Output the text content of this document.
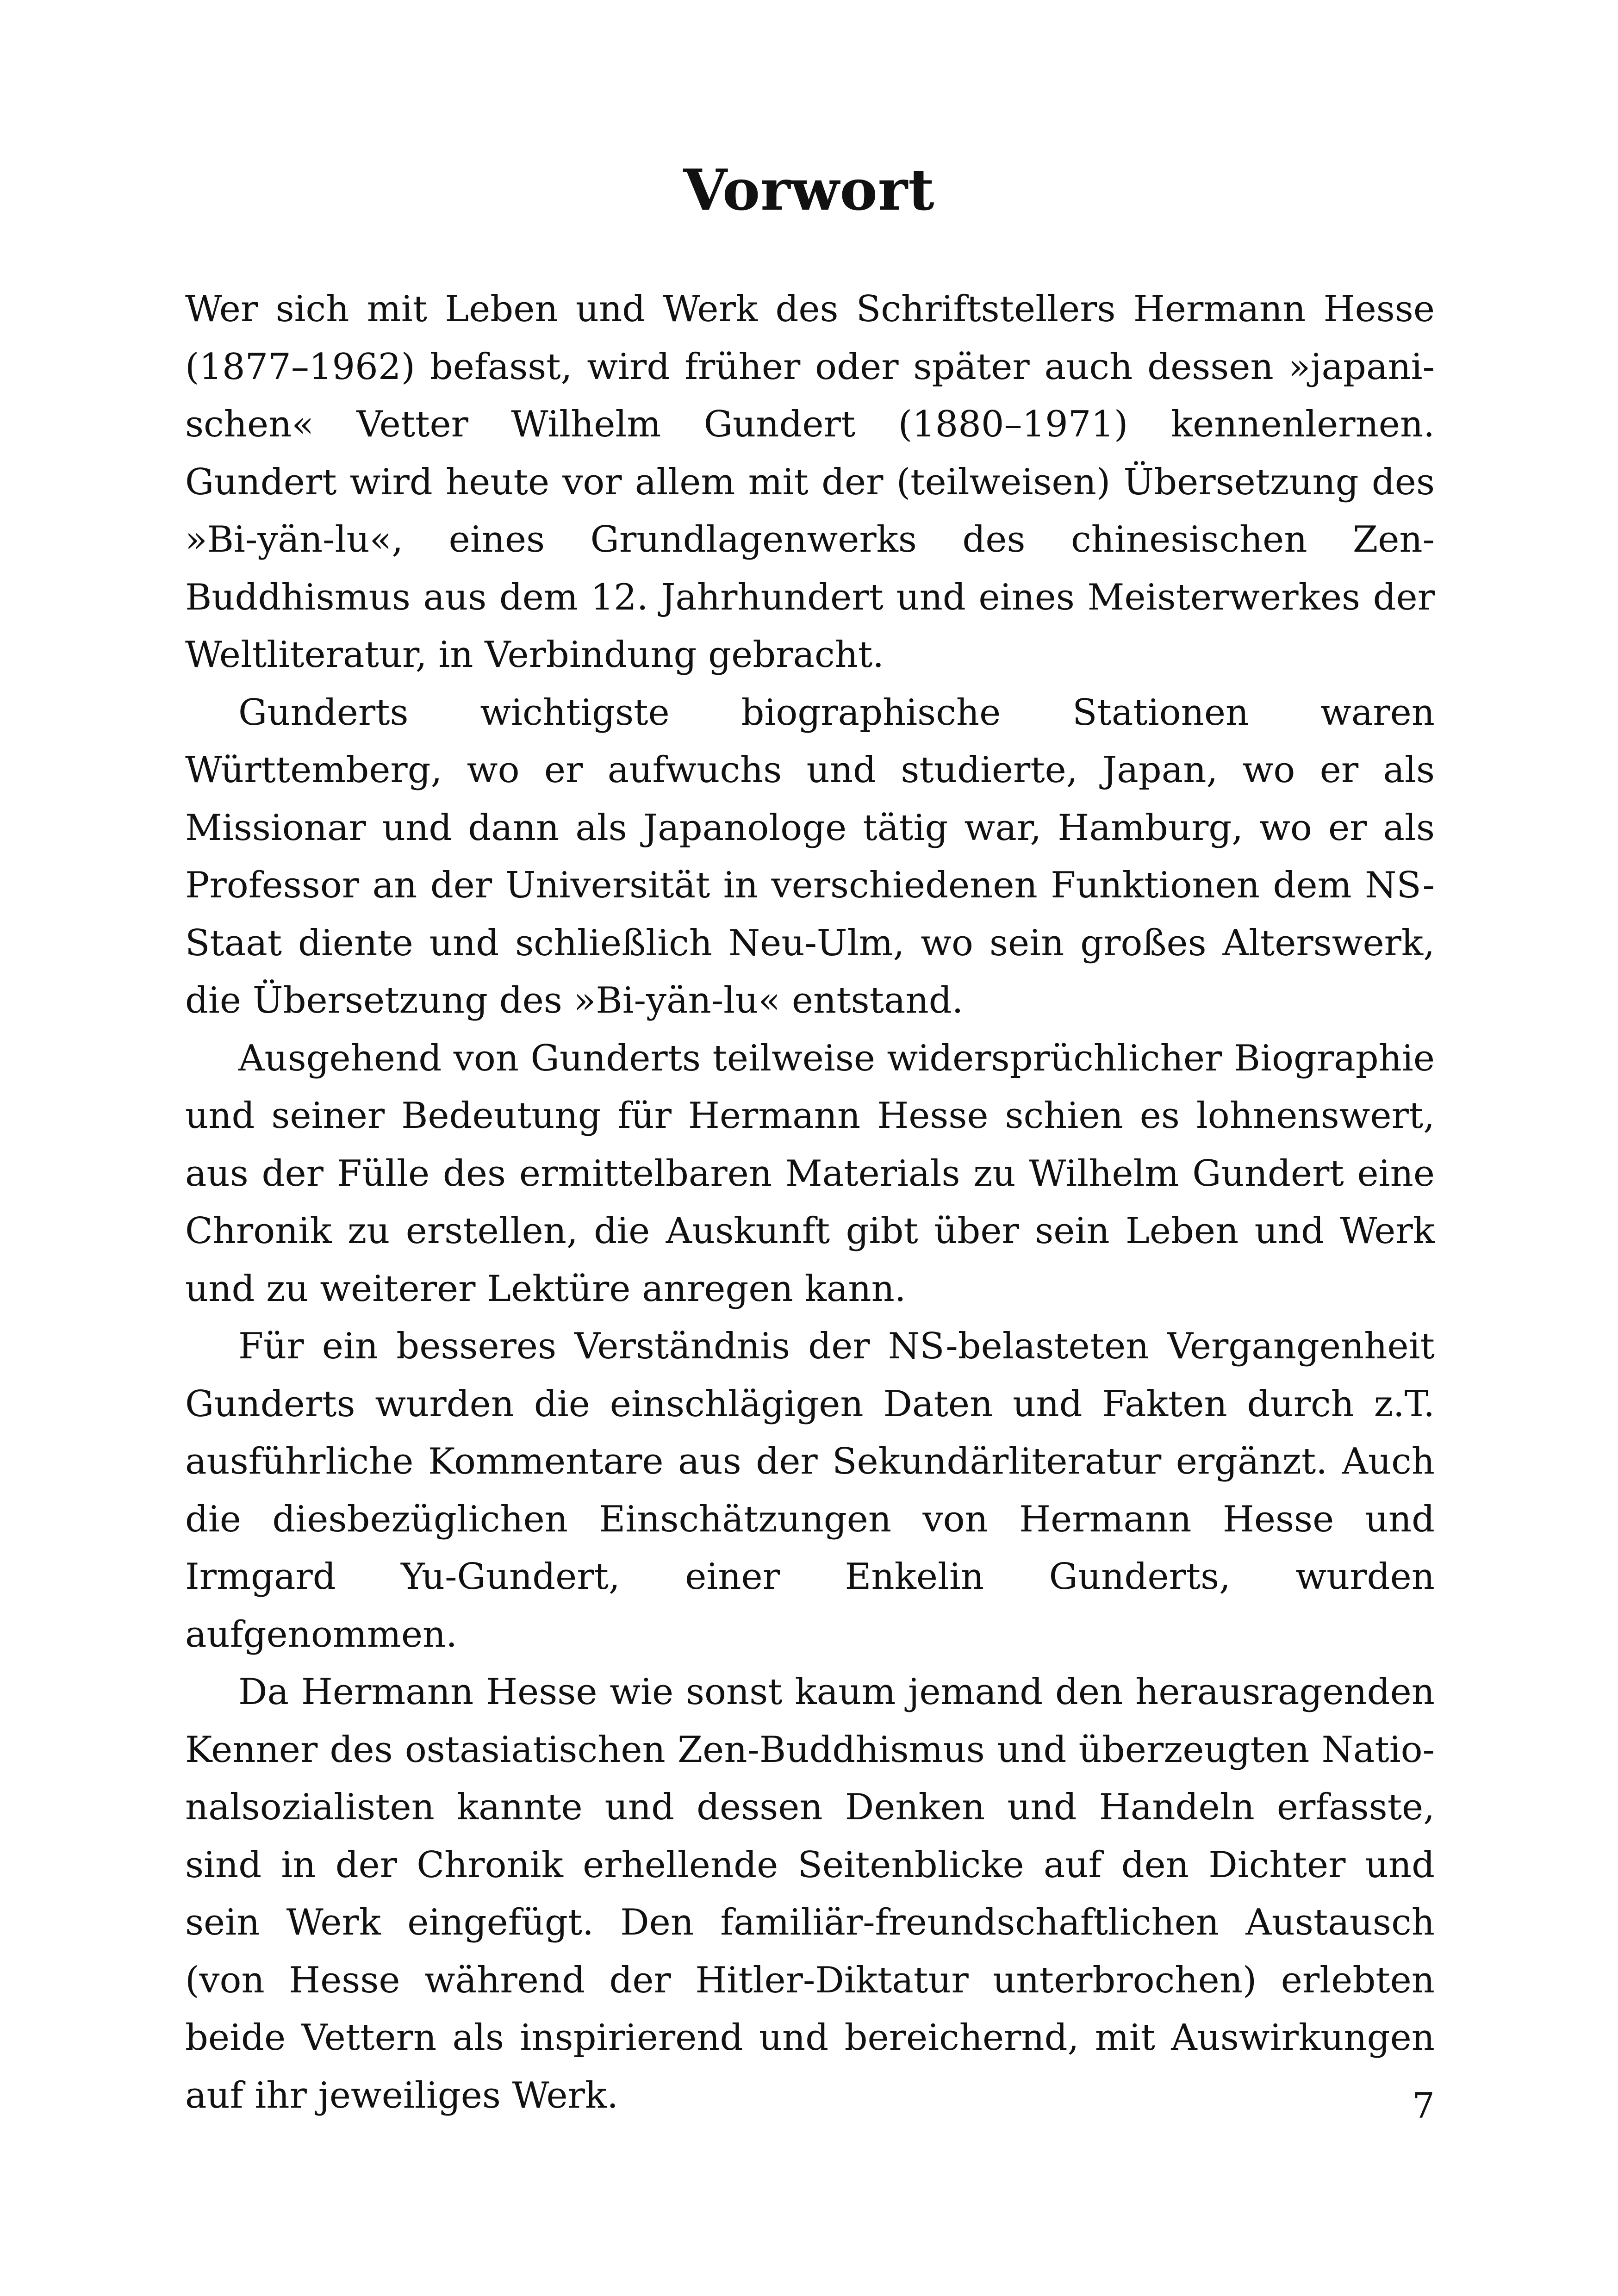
Vorwort

Wer sich mit Leben und Werk des Schriftstellers Hermann Hesse (1877–1962) befasst, wird früher oder später auch dessen »japanischen« Vetter Wilhelm Gundert (1880–1971) kennenlernen. Gundert wird heute vor allem mit der (teilweisen) Übersetzung des »Bi-yän-lu«, eines Grundlagenwerks des chinesischen Zen-Buddhismus aus dem 12. Jahrhundert und eines Meisterwerkes der Weltliteratur, in Verbindung gebracht.

Gunderts wichtigste biographische Stationen waren Württemberg, wo er aufwuchs und studierte, Japan, wo er als Missionar und dann als Japanologe tätig war, Hamburg, wo er als Professor an der Universität in verschiedenen Funktionen dem NS-Staat diente und schließlich Neu-Ulm, wo sein großes Alterswerk, die Übersetzung des »Bi-yän-lu« entstand.

Ausgehend von Gunderts teilweise widersprüchlicher Biographie und seiner Bedeutung für Hermann Hesse schien es lohnenswert, aus der Fülle des ermittelbaren Materials zu Wilhelm Gundert eine Chronik zu erstellen, die Auskunft gibt über sein Leben und Werk und zu weiterer Lektüre anregen kann.

Für ein besseres Verständnis der NS-belasteten Vergangenheit Gunderts wurden die einschlägigen Daten und Fakten durch z.T. ausführliche Kommentare aus der Sekundärliteratur ergänzt. Auch die diesbezüglichen Einschätzungen von Hermann Hesse und Irmgard Yu-Gundert, einer Enkelin Gunderts, wurden aufgenommen.

Da Hermann Hesse wie sonst kaum jemand den herausragenden Kenner des ostasiatischen Zen-Buddhismus und überzeugten Nationalsozialisten kannte und dessen Denken und Handeln erfasste, sind in der Chronik erhellende Seitenblicke auf den Dichter und sein Werk eingefügt. Den familiär-freundschaftlichen Austausch (von Hesse während der Hitler-Diktatur unterbrochen) erlebten beide Vettern als inspirierend und bereichernd, mit Auswirkungen auf ihr jeweiliges Werk.	7
